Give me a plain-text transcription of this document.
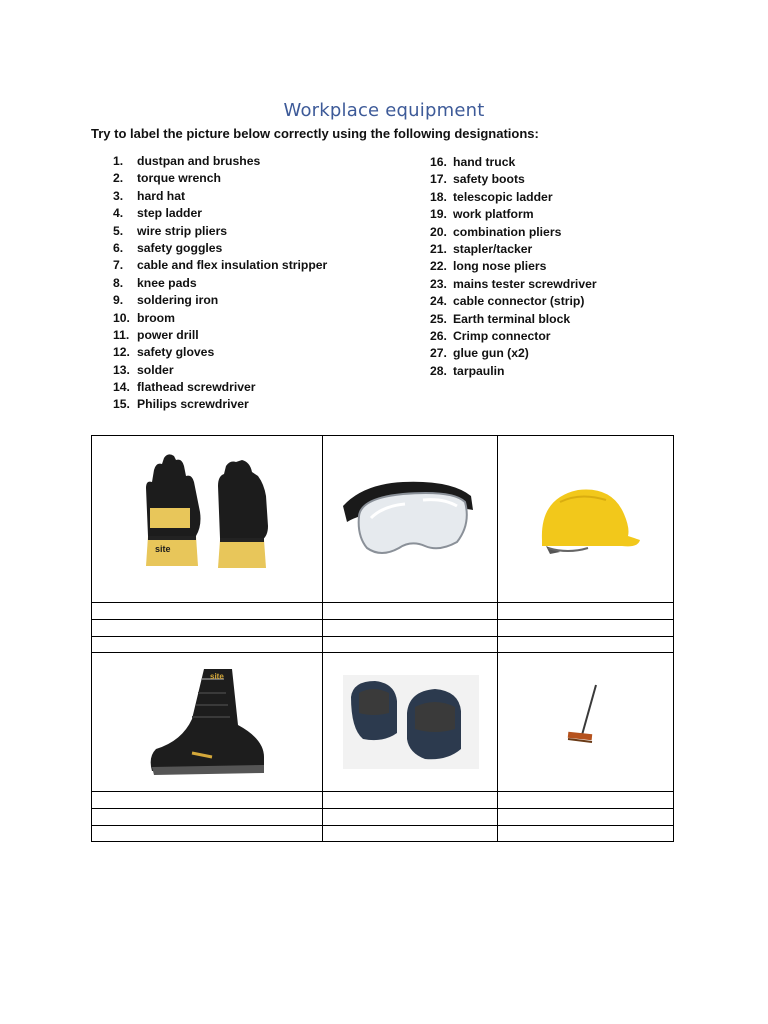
Workplace equipment
Try to label the picture below correctly using the following designations:
1.	dustpan and brushes
2.	torque wrench
3.	hard hat
4.	step ladder
5.	wire strip pliers
6.	safety goggles
7.	cable and flex insulation stripper
8.	knee pads
9.	soldering iron
10. broom
11. power drill
12. safety gloves
13. solder
14. flathead screwdriver
15. Philips screwdriver
16. hand truck
17. safety boots
18. telescopic ladder
19. work platform
20. combination pliers
21. stapler/tacker
22. long nose pliers
23. mains tester screwdriver
24. cable connector (strip)
25. Earth terminal block
26. Crimp connector
27. glue gun (x2)
28. tarpaulin
site
site
